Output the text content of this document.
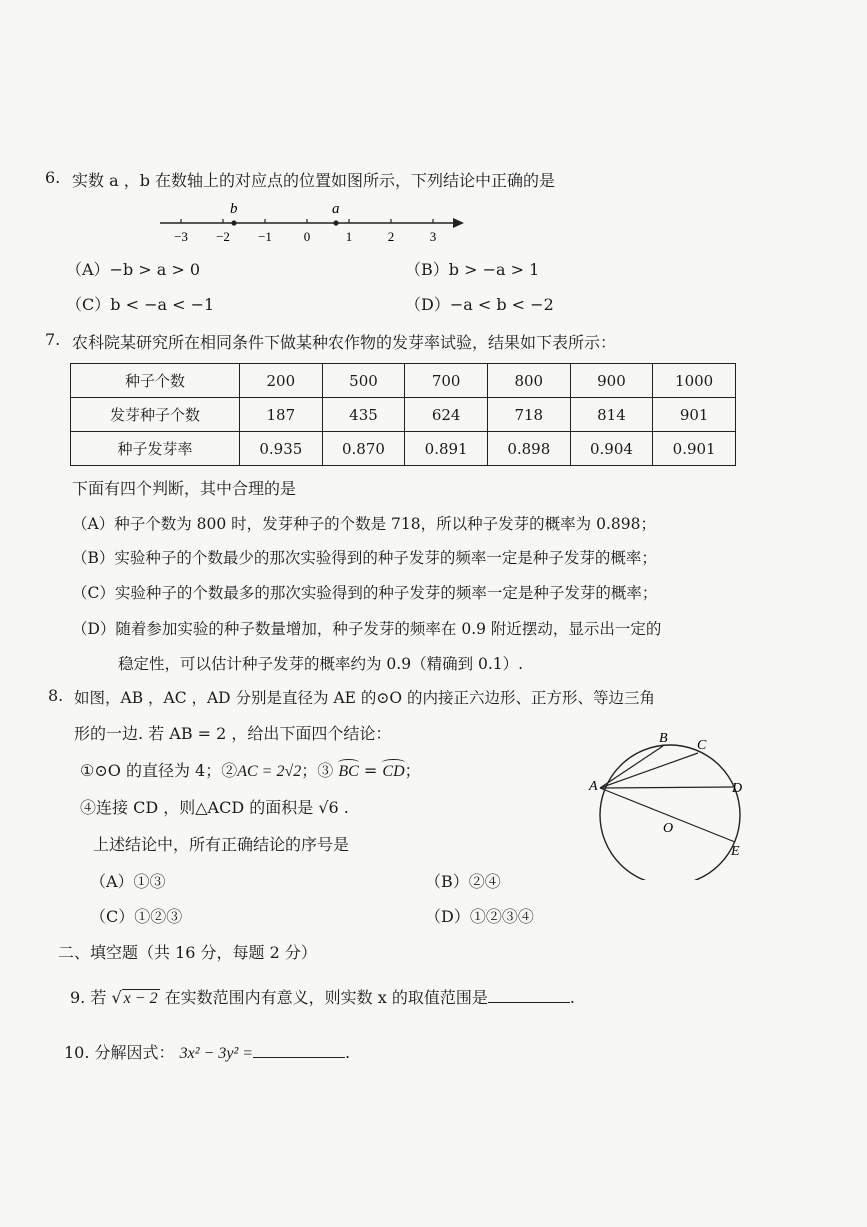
6. 实数 a ，b 在数轴上的对应点的位置如图所示，下列结论中正确的是
b	a
−3 −2 −1 0	1	2	3
（A）−b > a > 0	（B）b > −a > 1
（C）b < −a < −1	（D）−a < b < −2
7. 农科院某研究所在相同条件下做某种农作物的发芽率试验，结果如下表所示：
种子个数	200	500	700	800	900	1000
发芽种子个数	187	435	624	718	814	901
种子发芽率	0.935	0.870	0.891	0.898	0.904	0.901
下面有四个判断，其中合理的是
（A）种子个数为 800 时，发芽种子的个数是 718，所以种子发芽的概率为 0.898；
（B）实验种子的个数最少的那次实验得到的种子发芽的频率一定是种子发芽的概率；
（C）实验种子的个数最多的那次实验得到的种子发芽的频率一定是种子发芽的概率；
（D）随着参加实验的种子数量增加，种子发芽的频率在 0.9 附近摆动，显示出一定的
稳定性，可以估计种子发芽的概率约为 0.9（精确到 0.1）.
8. 如图，AB ，AC ，AD 分别是直径为 AE 的⊙O 的内接正六边形、正方形、等边三角
形的一边. 若 AB = 2 ，给出下面四个结论：
①⊙O 的直径为 4；②AC = 2√2；③ BC = CD；
④连接 CD ，则△ACD 的面积是 √6 .
上述结论中，所有正确结论的序号是
（A）①③	（B）②④
（C）①②③	（D）①②③④
A
B C
D
E
O
二、填空题（共 16 分，每题 2 分）
9. 若 √ x − 2 在实数范围内有意义，则实数 x 的取值范围是	.
10. 分解因式： 3x² − 3y² =	.
